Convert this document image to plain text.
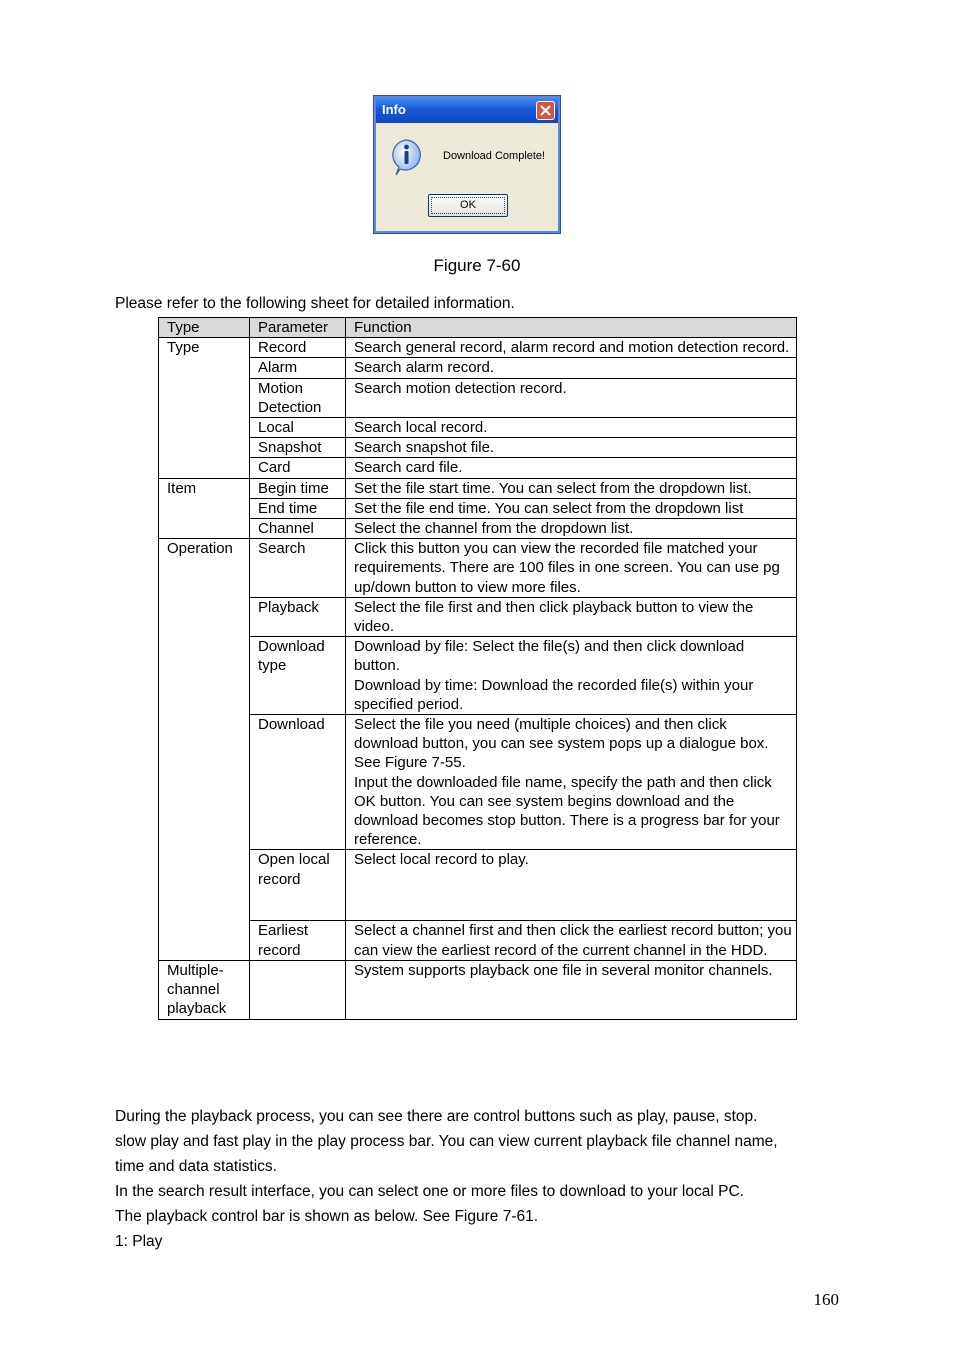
Info
Download Complete!
OK
Figure 7-60
Please refer to the following sheet for detailed information.
Type	Parameter	Function
Type	Record	Search general record, alarm record and motion detection record.
	Alarm	Search alarm record.
	Motion Detection	Search motion detection record.
	Local	Search local record.
	Snapshot	Search snapshot file.
	Card	Search card file.
Item	Begin time	Set the file start time. You can select from the dropdown list.
	End time	Set the file end time. You can select from the dropdown list
	Channel	Select the channel from the dropdown list.
Operation	Search	Click this button you can view the recorded file matched your requirements. There are 100 files in one screen. You can use pg up/down button to view more files.
	Playback	Select the file first and then click playback button to view the video.
	Download type	Download by file: Select the file(s) and then click download button.
Download by time: Download the recorded file(s) within your specified period.
	Download	Select the file you need (multiple choices) and then click download button, you can see system pops up a dialogue box. See Figure 7-55.
Input the downloaded file name, specify the path and then click OK button. You can see system begins download and the download becomes stop button. There is a progress bar for your reference.
	Open local record	Select local record to play.
	Earliest record	Select a channel first and then click the earliest record button; you can view the earliest record of the current channel in the HDD.
Multiple-channel playback		System supports playback one file in several monitor channels.
During the playback process, you can see there are control buttons such as play, pause, stop.
slow play and fast play in the play process bar. You can view current playback file channel name,
time and data statistics.
In the search result interface, you can select one or more files to download to your local PC.
The playback control bar is shown as below. See Figure 7-61.
1: Play
160
